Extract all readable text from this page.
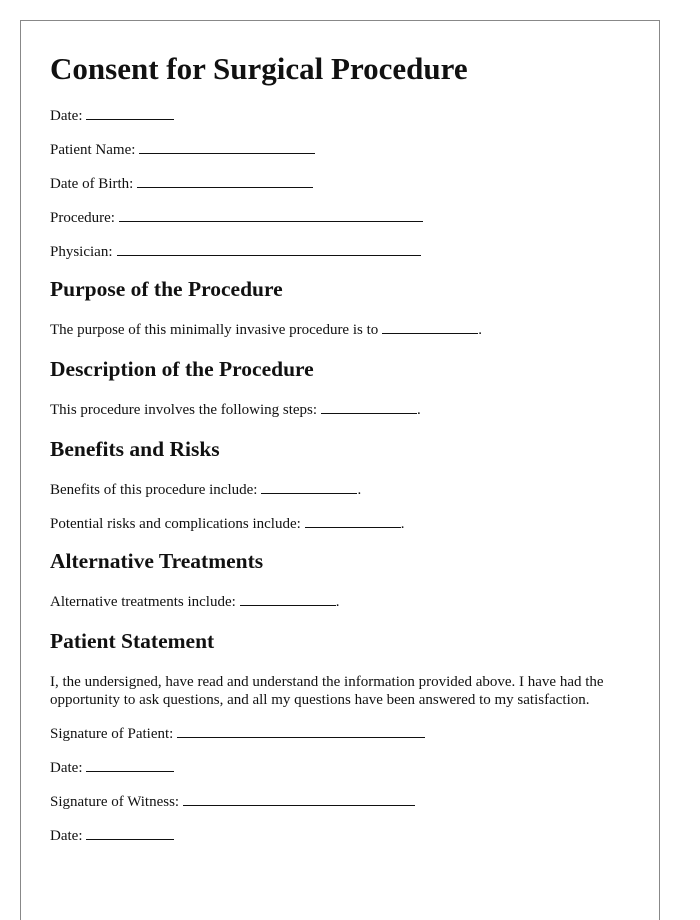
Consent for Surgical Procedure
Date:
Patient Name:
Date of Birth:
Procedure:
Physician:
Purpose of the Procedure
The purpose of this minimally invasive procedure is to	.
Description of the Procedure
This procedure involves the following steps:	.
Benefits and Risks
Benefits of this procedure include:	.
Potential risks and complications include:	.
Alternative Treatments
Alternative treatments include:	.
Patient Statement

I, the undersigned, have read and understand the information provided above. I have had the opportunity to ask questions, and all my questions have been answered to my satisfaction.

Signature of Patient:
Date:
Signature of Witness:
Date:
